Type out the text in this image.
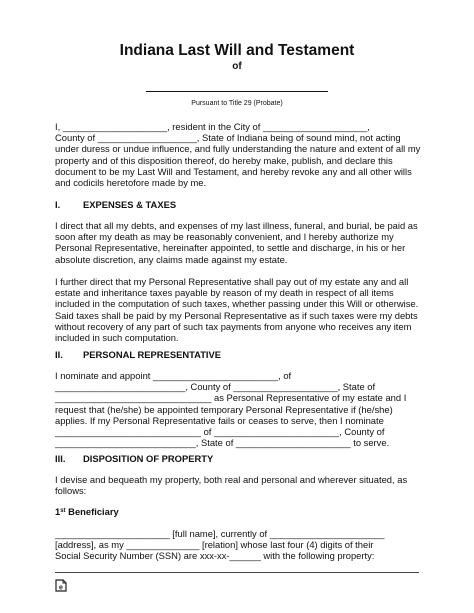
Indiana Last Will and Testament
of
Pursuant to Title 29 (Probate)
I, ____________________, resident in the City of ____________________,
County of ___________________, State of Indiana being of sound mind, not acting
under duress or undue influence, and fully understanding the nature and extent of all my
property and of this disposition thereof, do hereby make, publish, and declare this
document to be my Last Will and Testament, and hereby revoke any and all other wills
and codicils heretofore made by me.
I. EXPENSES & TAXES
I direct that all my debts, and expenses of my last illness, funeral, and burial, be paid as
soon after my death as may be reasonably convenient, and I hereby authorize my
Personal Representative, hereinafter appointed, to settle and discharge, in his or her
absolute discretion, any claims made against my estate.
I further direct that my Personal Representative shall pay out of my estate any and all
estate and inheritance taxes payable by reason of my death in respect of all items
included in the computation of such taxes, whether passing under this Will or otherwise.
Said taxes shall be paid by my Personal Representative as if such taxes were my debts
without recovery of any part of such tax payments from anyone who receives any item
included in such computation.
II. PERSONAL REPRESENTATIVE
I nominate and appoint ________________________, of
_________________________, County of ____________________, State of
______________________________ as Personal Representative of my estate and I
request that (he/she) be appointed temporary Personal Representative if (he/she)
applies. If my Personal Representative fails or ceases to serve, then I nominate
____________________________ of ________________________, County of
___________________________, State of ______________________ to serve.
III. DISPOSITION OF PROPERTY
I devise and bequeath my property, both real and personal and wherever situated, as
follows:
1st Beneficiary
______________________ [full name], currently of ______________________
[address], as my ______________ [relation] whose last four (4) digits of their
Social Security Number (SSN) are xxx-xx-______ with the following property:
e
